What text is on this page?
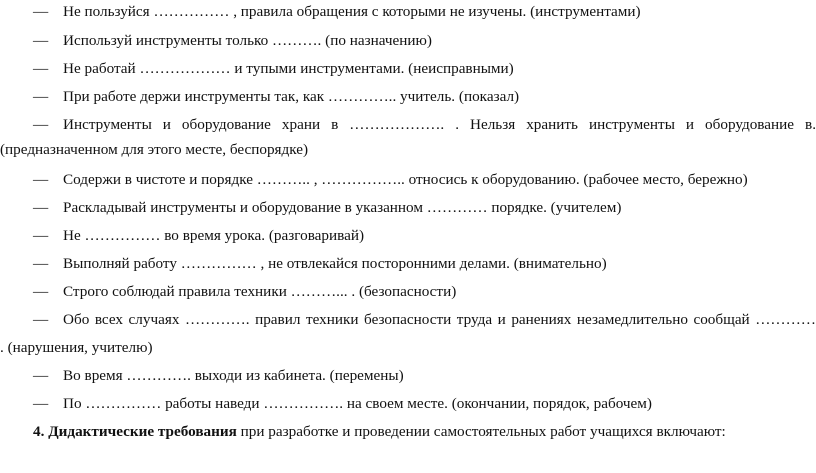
— Не пользуйся …………… , правила обращения с которыми не изучены. (инструментами)
— Используй инструменты только ………. (по назначению)
— Не работай ……………… и тупыми инструментами. (неисправными)
— При работе держи инструменты так, как ………….. учитель. (показал)
— Инструменты и оборудование храни в ………………. . Нельзя хранить инструменты и оборудование в.
(предназначенном для этого месте, беспорядке)
— Содержи в чистоте и порядке ……….. , …………….. относись к оборудованию. (рабочее место, бережно)
— Раскладывай инструменты и оборудование в указанном ………… порядке. (учителем)
— Не …………… во время урока. (разговаривай)
— Выполняй работу …………… , не отвлекайся посторонними делами. (внимательно)
— Строго соблюдай правила техники ………... . (безопасности)
— Обо всех случаях …………. правил техники безопасности труда и ранениях незамедлительно сообщай …………
. (нарушения, учителю)
— Во время …………. выходи из кабинета. (перемены)
— По …………… работы наведи ……………. на своем месте. (окончании, порядок, рабочем)
4. Дидактические требования при разработке и проведении самостоятельных работ учащихся включают:
